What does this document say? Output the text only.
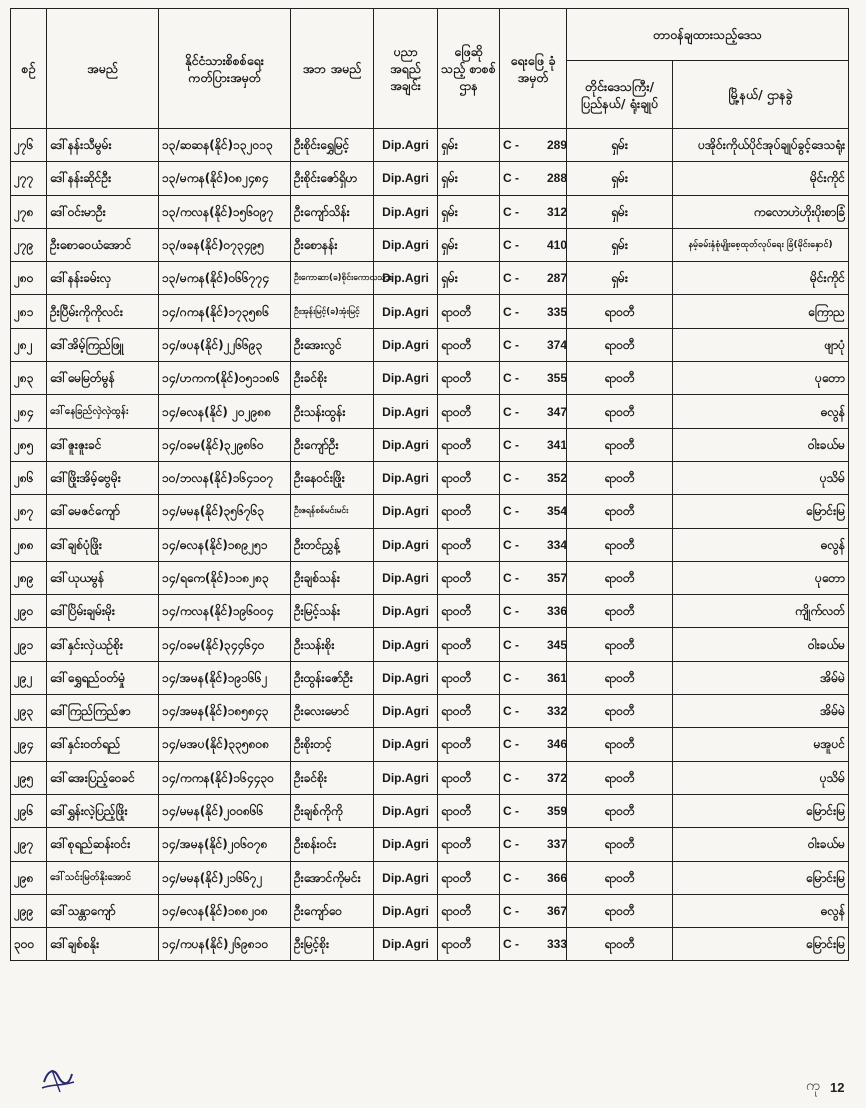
စဉ်	အမည်	နိုင်ငံသားစိစစ်ရေး ကတ်ပြားအမှတ်	အဘ အမည်	ပညာ အရည် အချင်း	ဖြေဆို သည့် စာစစ်ဌာန	ရေးဖြေ ခုံအမှတ်	တာဝန်ချထားသည့်ဒေသ	
							တိုင်းဒေသကြီး/ ပြည်နယ်/ ရုံးချုပ်	မြို့နယ်/ ဌာနခွဲ
၂၇၆	ဒေါ်နန်းသီမွမ်း	၁၃/ဆဆန(နိုင်)၁၃၂၀၁၃	ဦးစိုင်းရွှေမြင့်	Dip.Agri	ရှမ်း	C - 289	ရှမ်း	ပအိုဝ်းကိုယ်ပိုင်အုပ်ချုပ်ခွင့်ဒေသရုံး
၂၇၇	ဒေါ်နန်းဆိုင်ဦး	၁၃/မကန(နိုင်)၀၈၂၄၈၄	ဦးစိုင်းဇော်ရှိဟ	Dip.Agri	ရှမ်း	C - 288	ရှမ်း	မိုင်းကိုင်
၂၇၈	ဒေါ်ဝင်းမာဦး	၁၃/ကလန(နိုင်)၁၅၆၀၉၇	ဦးကျော်သိန်း	Dip.Agri	ရှမ်း	C - 312	ရှမ်း	ကလောဟဲဟိုးပိုးစာခြံ
၂၇၉	ဦးစောဝေယံအောင်	၁၃/ဖခန(နိုင်)၀၇၃၄၉၅	ဦးစောနန်း	Dip.Agri	ရှမ်း	C - 410	ရှမ်း	နမ့်ခမ်းနှံစုံမျိုးစေ့ထုတ်လုပ်ရေး ခြံ(မိုင်းနှောင်)
၂၈၀	ဒေါ်နန်းခမ်းလှ	၁၃/မကန(နိုင်)၀၆၆၇၇၄	ဦးကောဆာ(ခ)စိုင်းကောလသား	Dip.Agri	ရှမ်း	C - 287	ရှမ်း	မိုင်းကိုင်
၂၈၁	ဦးပြီမ်းကိုကိုလင်း	၁၄/ဂကန(နိုင်)၁၇၃၅၈၆	ဦးအုန်းမြင့်(ခ)အုံးမြင့်	Dip.Agri	ရာဝတီ	C - 335	ရာဝတီ	ကြောည
၂၈၂	ဒေါ်အိမ့်ကြည်ဖြူ	၁၄/ဖပန(နိုင်)၂၂၆၆၉၃	ဦးအေးလွင်	Dip.Agri	ရာဝတီ	C - 374	ရာဝတီ	ဖျာပုံ
၂၈၃	ဒေါ်မေမြတ်မွန်	၁၄/ဟကက(နိုင်)၀၅၁၁၈၆	ဦးခင်စိုး	Dip.Agri	ရာဝတီ	C - 355	ရာဝတီ	ပုတော
၂၈၄	ဒေါ်နေခြည်လှဲလှဲထွန်း	၁၄/ဓလန(နိုင်) ၂၀၂၉၈၈	ဦးသန်းထွန်း	Dip.Agri	ရာဝတီ	C - 347	ရာဝတီ	ဓလွန်
၂၈၅	ဒေါ်ဇူးဇူးခင်	၁၄/ဝခမ(နိုင်)၃၂၉၈၆၀	ဦးကျော်ဦး	Dip.Agri	ရာဝတီ	C - 341	ရာဝတီ	ဝါးခယ်မ
၂၈၆	ဒေါ်ဖြိုးအိမ့်ဗွေမိုး	၁၀/ဘလန(နိုင်)၁၆၄၁၀၇	ဦးနေဝင်းဖြိုး	Dip.Agri	ရာဝတီ	C - 352	ရာဝတီ	ပုသိမ်
၂၈၇	ဒေါ်မေဇင်ကျော်	၁၄/မမန(နိုင်)၃၅၆၇၆၃	ဦးဇရန်စစ်မင်းမင်း	Dip.Agri	ရာဝတီ	C - 354	ရာဝတီ	မြောင်းမြ
၂၈၈	ဒေါ်ချစ်ပုံဖြိုး	၁၄/ဓလန(နိုင်)၁၈၉၂၅၁	ဦးတင်ညွှန့်	Dip.Agri	ရာဝတီ	C - 334	ရာဝတီ	ဓလွန်
၂၈၉	ဒေါ်ယုယမွန်	၁၄/ရကေ(နိုင်)၁၁၈၂၈၃	ဦးချစ်သန်း	Dip.Agri	ရာဝတီ	C - 357	ရာဝတီ	ပုတော
၂၉၀	ဒေါ်ပြိမ်းချမ်းမိုး	၁၄/ကလန(နိုင်)၁၉၆၀၀၄	ဦးမြင့်သန်း	Dip.Agri	ရာဝတီ	C - 336	ရာဝတီ	ကျိုက်လတ်
၂၉၁	ဒေါ်နှင်းလှဲယဉ်စိုး	၁၄/ဝခမ(နိုင်)၃၄၄၆၄၀	ဦးသန်းစိုး	Dip.Agri	ရာဝတီ	C - 345	ရာဝတီ	ဝါးခယ်မ
၂၉၂	ဒေါ်ရွှေရည်ဝတ်မှုံ	၁၄/အမန(နိုင်)၁၉၁၆၆၂	ဦးထွန်းဇော်ဦး	Dip.Agri	ရာဝတီ	C - 361	ရာဝတီ	အိမ်မဲ
၂၉၃	ဒေါ်ကြည်ကြည်ဇာ	၁၄/အမန(နိုင်)၁၈၅၈၄၃	ဦးလေးမောင်	Dip.Agri	ရာဝတီ	C - 332	ရာဝတီ	အိမ်မဲ
၂၉၄	ဒေါ်နှင်းဝတ်ရည်	၁၄/မအပ(နိုင်)၃၃၅၈၀၈	ဦးစိုးတင့်	Dip.Agri	ရာဝတီ	C - 346	ရာဝတီ	မအူပင်
၂၉၅	ဒေါ်အေးပြည့်ဝေခင်	၁၄/ကကန(နိုင်)၁၆၄၄၃၀	ဦးခင်စိုး	Dip.Agri	ရာဝတီ	C - 372	ရာဝတီ	ပုသိမ်
၂၉၆	ဒေါ်ရွှန်းလဲ့ပြည့်ဖြိုး	၁၄/မမန(နိုင်)၂၀၀၈၆၆	ဦးချစ်ကိုကို	Dip.Agri	ရာဝတီ	C - 359	ရာဝတီ	မြောင်းမြ
၂၉၇	ဒေါ်စုရည်ဆန်းဝင်း	၁၄/အမန(နိုင်)၂၀၆၀၇၈	ဦးစန်းဝင်း	Dip.Agri	ရာဝတီ	C - 337	ရာဝတီ	ဝါးခယ်မ
၂၉၈	ဒေါ်သင်းမြတ်နိုးအောင်	၁၄/မမန(နိုင်)၂၁၆၆၇၂	ဦးအောင်ကိုမင်း	Dip.Agri	ရာဝတီ	C - 366	ရာဝတီ	မြောင်းမြ
၂၉၉	ဒေါ်သန္တာကျော်	၁၄/ဓလန(နိုင်)၁၈၈၂၀၈	ဦးကျော်ဝေ	Dip.Agri	ရာဝတီ	C - 367	ရာဝတီ	ဓလွန်
၃၀၀	ဒေါ်ချစ်စနိုး	၁၄/ကပန(နိုင်)၂၆၉၈၁၀	ဦးမြင့်စိုး	Dip.Agri	ရာဝတီ	C - 333	ရာဝတီ	မြောင်းမြ
ကု 12
